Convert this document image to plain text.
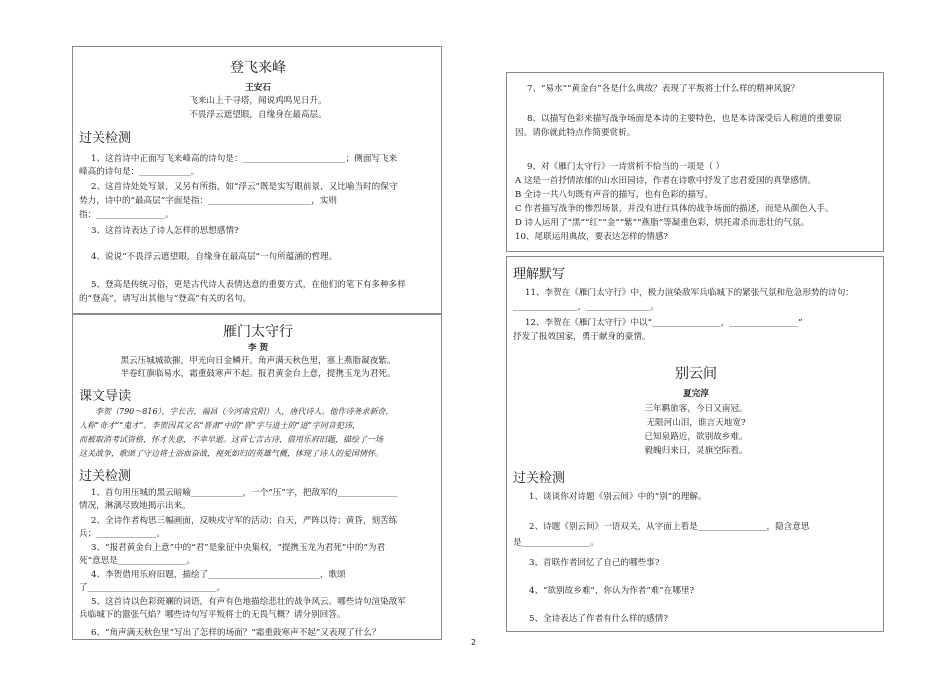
登飞来峰

王安石

飞来山上千寻塔，闻说鸡鸣见日升。

不畏浮云遮望眼，自缘身在最高层。

过关检测

1、这首诗中正面写飞来峰高的诗句是：________________________；侧面写飞来

峰高的诗句是：____________。

2、这首诗处处写景，又另有所指，如“浮云”既是实写眼前景，又比喻当时的保守

势力，诗中的“最高层”字面是指：________________________，实则

指：________________。

3、这首诗表达了诗人怎样的思想感情?

4、说说“不畏浮云遮望眼，自缘身在最高层”一句所蕴涵的哲理。

5、登高是传统习俗，更是古代诗人表情达意的重要方式，在他们的笔下有多种多样

的“登高”，请写出其他与“登高”有关的名句。

雁门太守行

李 贺

黑云压城城欲摧，甲光向日金鳞开。角声满天秋色里，塞上燕脂凝夜紫。

半卷红旗临易水，霜重鼓寒声不起。报君黄金台上意，提携玉龙为君死。

课文导读

李贺（790～816），字长吉，福昌（今河南宜阳）人，唐代诗人。他作诗务求新奇，

人称“奇才”“鬼才”。李贺因其父名“晋肃”中的“晋”字与进士的“进”字同音犯讳，

而被取消考试资格，怀才失意，不幸早逝。这首七言古诗，借用乐府旧题，描绘了一场

这关战争，歌颂了守边将士浴血奋战，视死如归的英雄气概，体现了诗人的爱国情怀。

过关检测

1、首句用压城的黑云暗喻____________，一个“压”字，把敌军的______________

情况，淋漓尽致地揭示出来。

2、全诗作者构思三幅画面，反映戍守军的活动：白天，严阵以待；黄昏，刻苦练

兵；______________。

3、“报君黄金台上意”中的“君”是象征中央集权，“提携玉龙为君死”中的“为君

死”意思是________________。

4、李贺借用乐府旧题，描绘了__________________________，歌颂

了______________________________。

5、这首诗以色彩斑斓的词语，有声有色地描绘悲壮的战争风云。哪些诗句渲染敌军

兵临城下的嚣张气焰？哪些诗句写平叛将士的无畏气概？请分别回答。

6、“角声满天秋色里”写出了怎样的场面？“霜重鼓寒声不起”又表现了什么？

7、“易水”“黄金台”各是什么典故？表现了平叛将士什么样的精神风貌？

8、以描写色彩来描写战争场面是本诗的主要特色，也是本诗深受后人称道的重要原

因。请你就此特点作简要赏析。

9、对《雁门太守行》一诗赏析不恰当的一项是（ ）

A 这是一首抒情浓郁的山水田园诗，作者在诗歌中抒发了忠君爱国的真挚感情。

B 全诗一共八句既有声音的描写，也有色彩的描写。

C 作者描写战争的惨烈场景，并没有进行具体的战争场面的描述，而是从颜色入手。

D 诗人运用了“黑”“红”“金”“紫”“燕脂”等凝重色彩，烘托肃杀而悲壮的气氛。

10、尾联运用典故，要表达怎样的情感?

理解默写

11、李贺在《雁门太守行》中，极力渲染敌军兵临城下的紧张气氛和危急形势的诗句：

_______________，_______________。

12、李贺在《雁门太守行》中以“________________，________________”

抒发了报效国家，勇于献身的豪情。

别云间

夏完淳

三年羁旅客，今日又南冠。

无限河山泪，谁言天地宽?

已知泉路近，欲别故乡难。

毅魄归来日，灵旗空际看。

过关检测

1、谈谈你对诗题《别云间》中的“别”的理解。

2、诗题《别云间》一语双关，从字面上看是________________，隐含意思

是________________。

3、首联作者回忆了自己的哪些事?

4、“欲别故乡难”，你认为作者“难”在哪里?

5、全诗表达了作者有什么样的感情?

2
